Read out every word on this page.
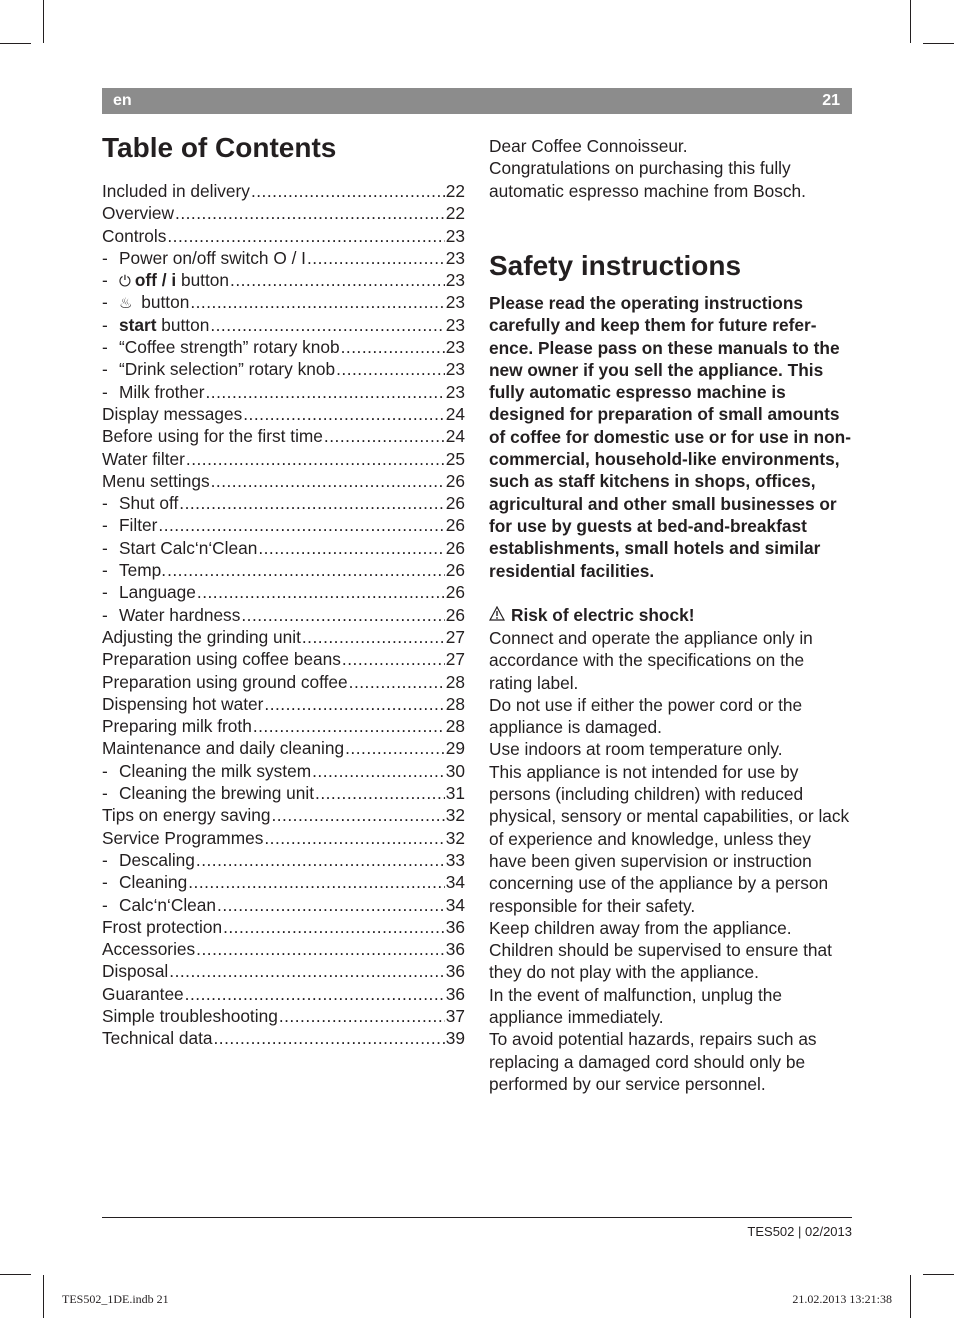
en	21
Table of Contents
Included in delivery .....	22
Overview .....	22
Controls .....	23
- Power on/off switch O / I .....	23
- ⏻ off / i button .....	23
- ♨ button .....	23
- start button .....	23
- “Coffee strength” rotary knob .....	23
- “Drink selection” rotary knob .....	23
- Milk frother .....	23
Display messages .....	24
Before using for the first time .....	24
Water filter .....	25
Menu settings .....	26
- Shut off .....	26
- Filter .....	26
- Start Calc‘n‘Clean .....	26
- Temp. .....	26
- Language .....	26
- Water hardness .....	26
Adjusting the grinding unit .....	27
Preparation using coffee beans .....	27
Preparation using ground coffee .....	28
Dispensing hot water .....	28
Preparing milk froth .....	28
Maintenance and daily cleaning .....	29
- Cleaning the milk system .....	30
- Cleaning the brewing unit .....	31
Tips on energy saving .....	32
Service Programmes .....	32
- Descaling .....	33
- Cleaning .....	34
- Calc‘n‘Clean .....	34
Frost protection .....	36
Accessories .....	36
Disposal .....	36
Guarantee .....	36
Simple troubleshooting .....	37
Technical data .....	39

Dear Coffee Connoisseur.
Congratulations on purchasing this fully automatic espresso machine from Bosch.

Safety instructions

Please read the operating instructions carefully and keep them for future refer-ence. Please pass on these manuals to the new owner if you sell the appliance. This fully automatic espresso machine is designed for preparation of small amounts of coffee for domestic use or for use in non-commercial, household-like environments, such as staff kitchens in shops, offices, agricultural and other small businesses or for use by guests at bed-and-breakfast establishments, small hotels and similar residential facilities.

Risk of electric shock!

Connect and operate the appliance only in accordance with the specifications on the rating label.
Do not use if either the power cord or the appliance is damaged.
Use indoors at room temperature only.
This appliance is not intended for use by persons (including children) with reduced physical, sensory or mental capabilities, or lack of experience and knowledge, unless they have been given supervision or instruction concerning use of the appliance by a person responsible for their safety.
Keep children away from the appliance.
Children should be supervised to ensure that they do not play with the appliance.
In the event of malfunction, unplug the appliance immediately.
To avoid potential hazards, repairs such as replacing a damaged cord should only be performed by our service personnel.
TES502 | 02/2013
TES502_1DE.indb 21	21.02.2013 13:21:38
